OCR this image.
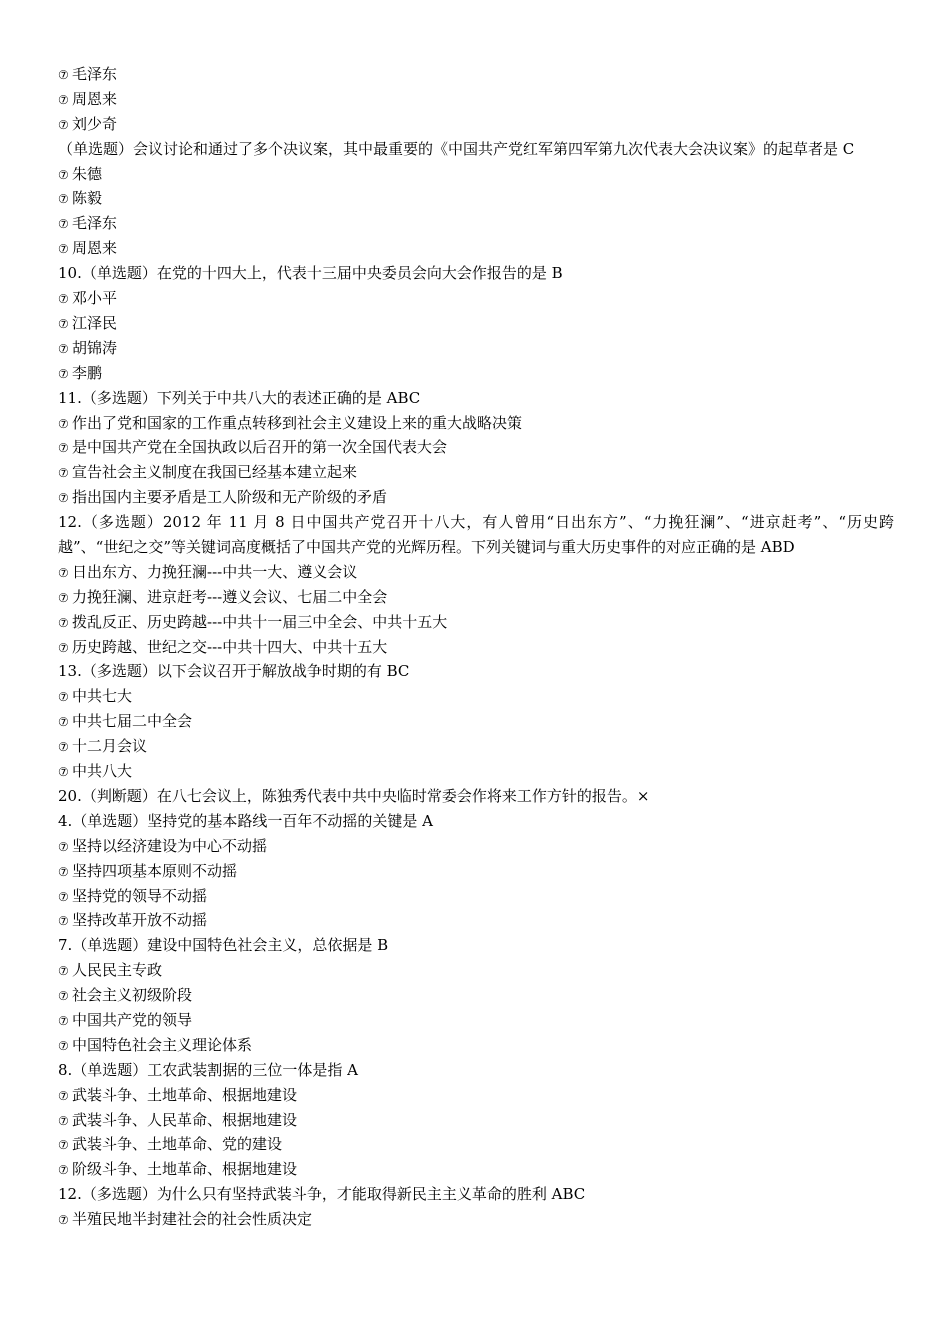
⑦ 毛泽东
⑦ 周恩来
⑦ 刘少奇
（单选题）会议讨论和通过了多个决议案，其中最重要的《中国共产党红军第四军第九次代表大会决议案》的起草者是 C
⑦ 朱德
⑦ 陈毅
⑦ 毛泽东
⑦ 周恩来
10.（单选题）在党的十四大上，代表十三届中央委员会向大会作报告的是 B
⑦ 邓小平
⑦ 江泽民
⑦ 胡锦涛
⑦ 李鹏
11.（多选题）下列关于中共八大的表述正确的是 ABC
⑦ 作出了党和国家的工作重点转移到社会主义建设上来的重大战略决策
⑦ 是中国共产党在全国执政以后召开的第一次全国代表大会
⑦ 宣告社会主义制度在我国已经基本建立起来
⑦ 指出国内主要矛盾是工人阶级和无产阶级的矛盾
12.（多选题）2012 年 11 月 8 日中国共产党召开十八大，有人曾用“日出东方”、“力挽狂澜”、“进京赶考”、“历史跨越”、“世纪之交”等关键词高度概括了中国共产党的光辉历程。下列关键词与重大历史事件的对应正确的是 ABD
⑦ 日出东方、力挽狂澜---中共一大、遵义会议
⑦ 力挽狂澜、进京赶考---遵义会议、七届二中全会
⑦ 拨乱反正、历史跨越---中共十一届三中全会、中共十五大
⑦ 历史跨越、世纪之交---中共十四大、中共十五大
13.（多选题）以下会议召开于解放战争时期的有 BC
⑦ 中共七大
⑦ 中共七届二中全会
⑦ 十二月会议
⑦ 中共八大
20.（判断题）在八七会议上，陈独秀代表中共中央临时常委会作将来工作方针的报告。×
4.（单选题）坚持党的基本路线一百年不动摇的关键是 A
⑦ 坚持以经济建设为中心不动摇
⑦ 坚持四项基本原则不动摇
⑦ 坚持党的领导不动摇
⑦ 坚持改革开放不动摇
7.（单选题）建设中国特色社会主义，总依据是 B
⑦ 人民民主专政
⑦ 社会主义初级阶段
⑦ 中国共产党的领导
⑦ 中国特色社会主义理论体系
8.（单选题）工农武装割据的三位一体是指 A
⑦ 武装斗争、土地革命、根据地建设
⑦ 武装斗争、人民革命、根据地建设
⑦ 武装斗争、土地革命、党的建设
⑦ 阶级斗争、土地革命、根据地建设
12.（多选题）为什么只有坚持武装斗争，才能取得新民主主义革命的胜利 ABC
⑦ 半殖民地半封建社会的社会性质决定
